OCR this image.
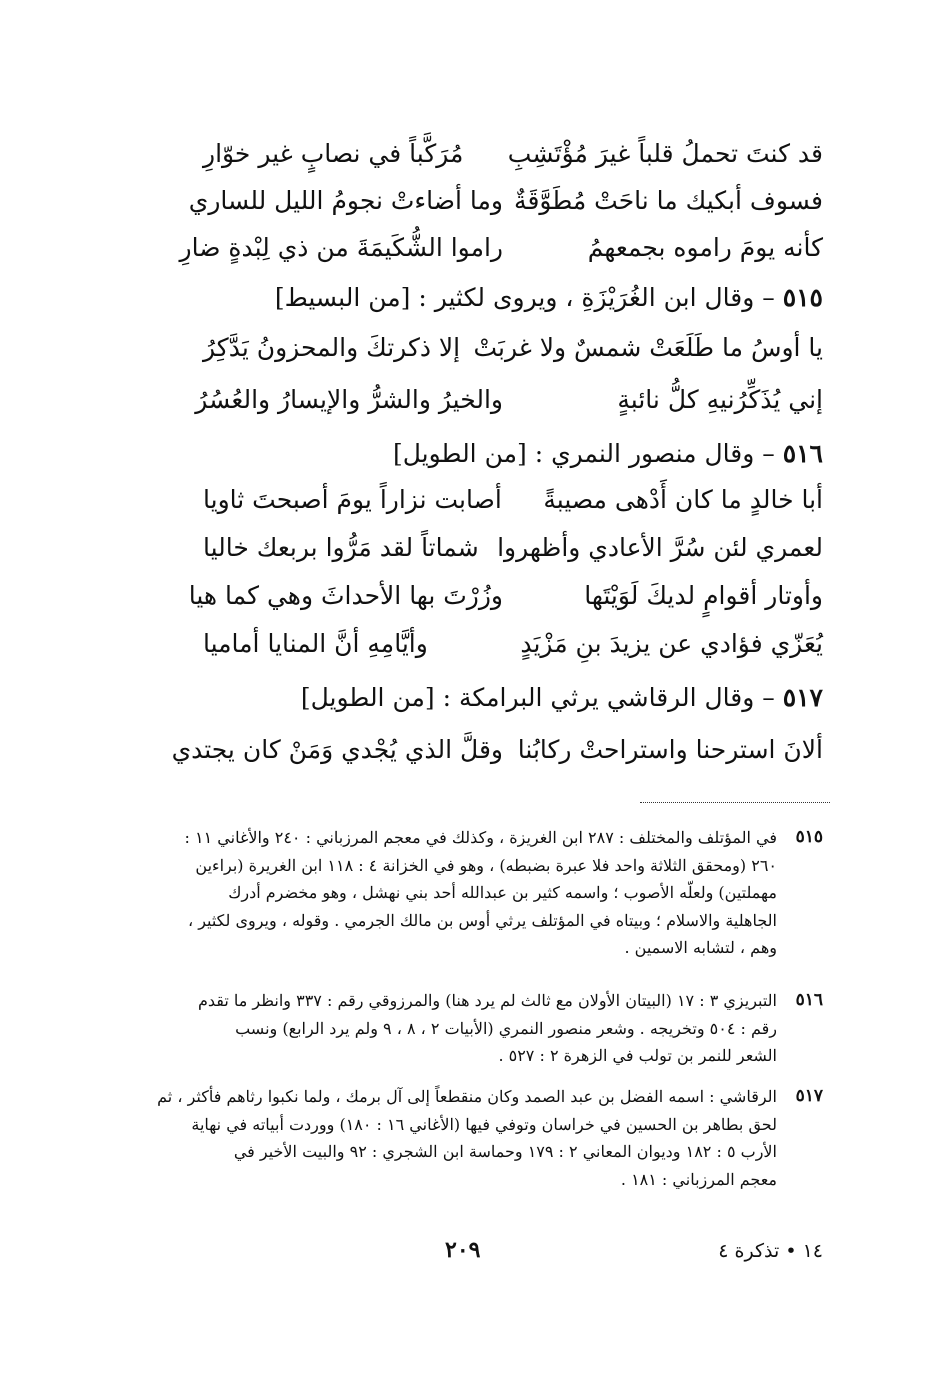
قد كنتَ تحملُ قلباً غيرَ مُؤْتَشِبِ
مُرَكَّباً في نصابٍ غير خوّارِ
فسوف أبكيك ما ناحَتْ مُطَوَّقَةٌ
وما أضاءتْ نجومُ الليل للساري
كأنه يومَ راموه بجمعهمُ
راموا الشُّكَيمَةَ من ذي لِبْدةٍ ضارِ
٥١٥ – وقال ابن الغُرَيْزَةِ ، ويروى لكثير : [من البسيط]
يا أوسُ ما طَلَعَتْ شمسٌ ولا غربَتْ
إلا ذكرتكَ والمحزونُ يَدَّكِرُ
إني يُذَكِّرُنيهِ كلُّ نائبةٍ
والخيرُ والشرُّ والإيسارُ والعُسُرُ
٥١٦ – وقال منصور النمري : [من الطويل]
أبا خالدٍ ما كان أَدْهى مصيبةً
أصابت نزاراً يومَ أصبحتَ ثاويا
لعمري لئن سُرَّ الأعادي وأظهروا
شماتاً لقد مَرُّوا بربعك خاليا
وأوتار أقوامٍ لديكَ لَوَيْتَها
وزُرْتَ بها الأحداثَ وهي كما هيا
يُعَزّي فؤادي عن يزيدَ بنِ مَزْيَدٍ
وأيَّامِهِ أنَّ المنايا أماميا
٥١٧ – وقال الرقاشي يرثي البرامكة : [من الطويل]
ألانَ استرحنا واستراحتْ ركابُنا
وقلَّ الذي يُجْدي وَمَنْ كان يجتدي
٥١٥
في المؤتلف والمختلف : ٢٨٧ ابن الغريزة ، وكذلك في معجم المرزباني : ٢٤٠ والأغاني ١١ :
٢٦٠ (ومحقق الثلاثة واحد فلا عبرة بضبطه) ، وهو في الخزانة ٤ : ١١٨ ابن الغريرة (براءين
مهملتين) ولعلّه الأصوب ؛ واسمه كثير بن عبدالله أحد بني نهشل ، وهو مخضرم أدرك
الجاهلية والاسلام ؛ وبيتاه في المؤتلف يرثي أوس بن مالك الجرمي . وقوله ، ويروى لكثير ،
وهم ، لتشابه الاسمين .
٥١٦
التبريزي ٣ : ١٧ (البيتان الأولان مع ثالث لم يرد هنا) والمرزوقي رقم : ٣٣٧ وانظر ما تقدم
رقم : ٥٠٤ وتخريجه . وشعر منصور النمري (الأبيات ٢ ، ٨ ، ٩ ولم يرد الرابع) ونسب
الشعر للنمر بن تولب في الزهرة ٢ : ٥٢٧ .
٥١٧
الرقاشي : اسمه الفضل بن عبد الصمد وكان منقطعاً إلى آل برمك ، ولما نكبوا رثاهم فأكثر ، ثم
لحق بطاهر بن الحسين في خراسان وتوفي فيها (الأغاني ١٦ : ١٨٠) ووردت أبياته في نهاية
الأرب ٥ : ١٨٢ وديوان المعاني ٢ : ١٧٩ وحماسة ابن الشجري : ٩٢ والبيت الأخير في
معجم المرزباني : ١٨١ .
٢٠٩	١٤ • تذكرة ٤
